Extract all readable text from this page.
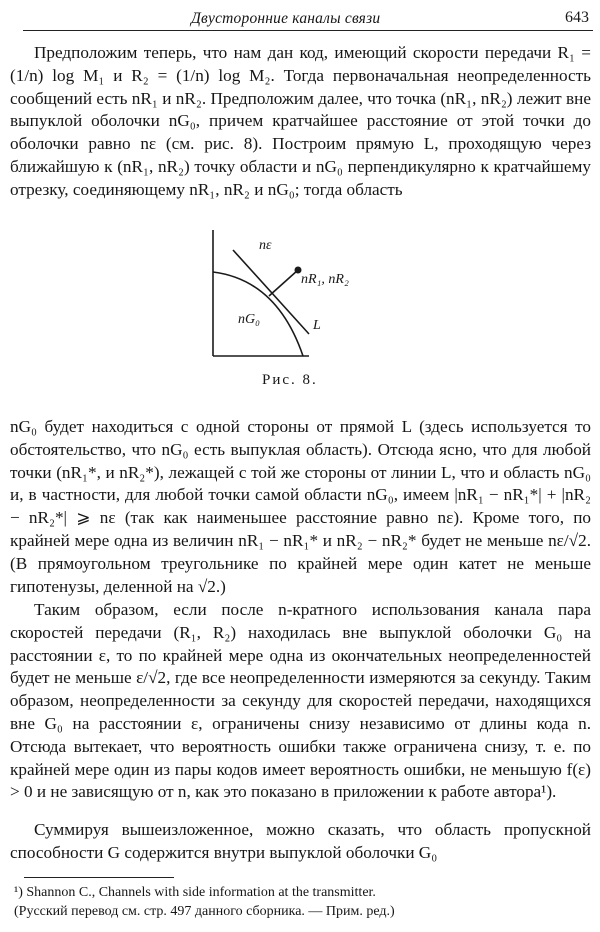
Двусторонние каналы связи	643
Предположим теперь, что нам дан код, имеющий скорости передачи R₁ = (1/n) log M₁ и R₂ = (1/n) log M₂. Тогда первоначальная неопределенность сообщений есть nR₁ и nR₂. Предположим далее, что точка (nR₁, nR₂) лежит вне выпуклой оболочки nG₀, причем кратчайшее расстояние от этой точки до оболочки равно nε (см. рис. 8). Построим прямую L, проходящую через ближайшую к (nR₁, nR₂) точку области и nG₀ перпендикулярно к кратчайшему отрезку, соединяющему nR₁, nR₂ и nG₀; тогда область
nε
nR₁, nR₂
nG₀	L
Рис. 8.
nG₀ будет находиться с одной стороны от прямой L (здесь используется то обстоятельство, что nG₀ есть выпуклая область). Отсюда ясно, что для любой точки (nR₁*, и nR₂*), лежащей с той же стороны от линии L, что и область nG₀ и, в частности, для любой точки самой области nG₀, имеем |nR₁ − nR₁*| + |nR₂ − nR₂*| ⩾ nε (так как наименьшее расстояние равно nε). Кроме того, по крайней мере одна из величин nR₁ − nR₁* и nR₂ − nR₂* будет не меньше nε/√2. (В прямоугольном треугольнике по крайней мере один катет не меньше гипотенузы, деленной на √2.)
Таким образом, если после n-кратного использования канала пара скоростей передачи (R₁, R₂) находилась вне выпуклой оболочки G₀ на расстоянии ε, то по крайней мере одна из окончательных неопределенностей будет не меньше ε/√2, где все неопределенности измеряются за секунду. Таким образом, неопределенности за секунду для скоростей передачи, находящихся вне G₀ на расстоянии ε, ограничены снизу независимо от длины кода n. Отсюда вытекает, что вероятность ошибки также ограничена снизу, т. е. по крайней мере один из пары кодов имеет вероятность ошибки, не меньшую f(ε) > 0 и не зависящую от n, как это показано в приложении к работе автора¹).
Суммируя вышеизложенное, можно сказать, что область пропускной способности G содержится внутри выпуклой оболочки G₀
¹) Shannon C., Channels with side information at the transmitter.
(Русский перевод см. стр. 497 данного сборника. — Прим. ред.)
